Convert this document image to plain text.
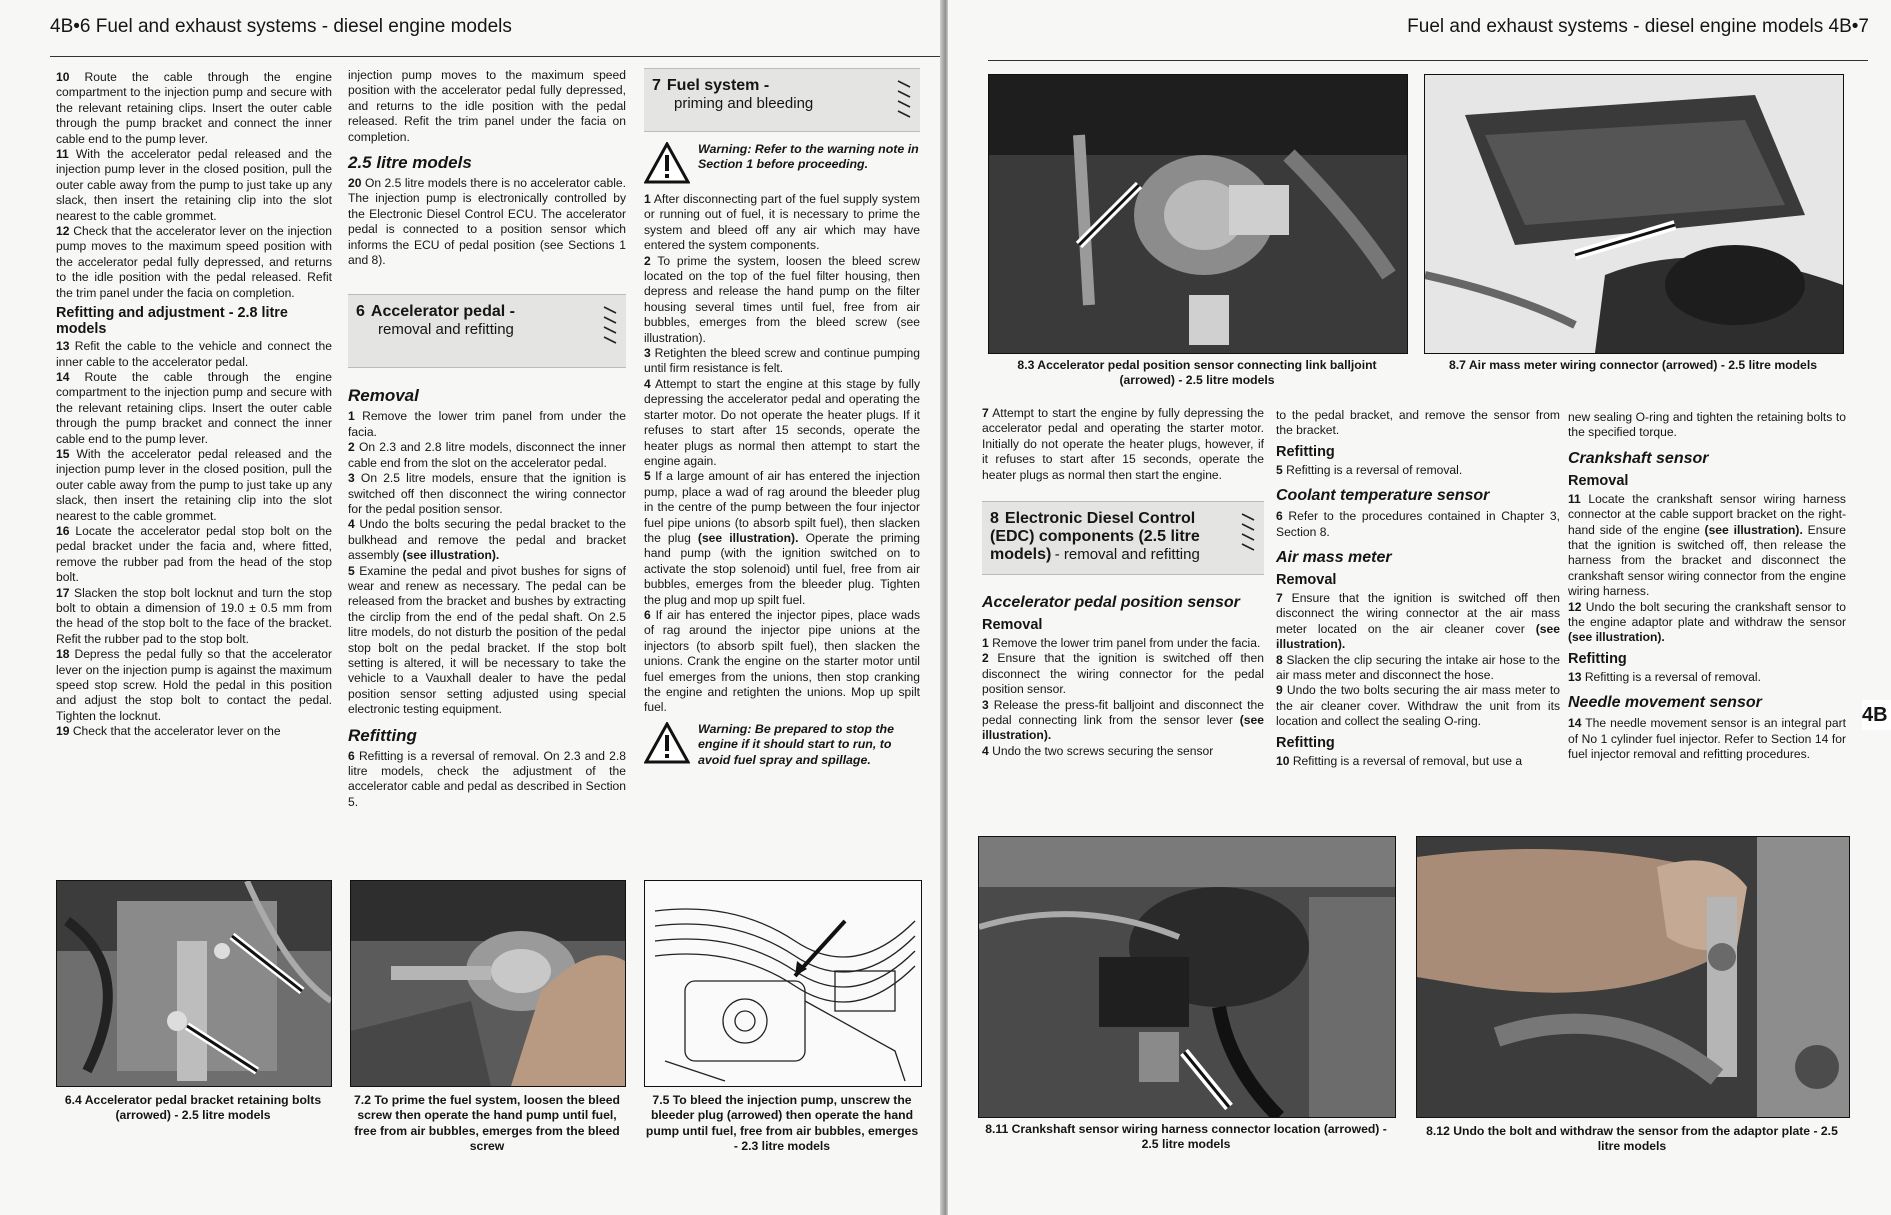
4B•6 Fuel and exhaust systems - diesel engine models

10 Route the cable through the engine compartment to the injection pump and secure with the relevant retaining clips. Insert the outer cable through the pump bracket and connect the inner cable end to the pump lever.

11 With the accelerator pedal released and the injection pump lever in the closed position, pull the outer cable away from the pump to just take up any slack, then insert the retaining clip into the slot nearest to the cable grommet.

12 Check that the accelerator lever on the injection pump moves to the maximum speed position with the accelerator pedal fully depressed, and returns to the idle position with the pedal released. Refit the trim panel under the facia on completion.

Refitting and adjustment - 2.8 litre models

13 Refit the cable to the vehicle and connect the inner cable to the accelerator pedal.

14 Route the cable through the engine compartment to the injection pump and secure with the relevant retaining clips. Insert the outer cable through the pump bracket and connect the inner cable end to the pump lever.

15 With the accelerator pedal released and the injection pump lever in the closed position, pull the outer cable away from the pump to just take up any slack, then insert the retaining clip into the slot nearest to the cable grommet.

16 Locate the accelerator pedal stop bolt on the pedal bracket under the facia and, where fitted, remove the rubber pad from the head of the stop bolt.

17 Slacken the stop bolt locknut and turn the stop bolt to obtain a dimension of 19.0 ± 0.5 mm from the head of the stop bolt to the face of the bracket. Refit the rubber pad to the stop bolt.

18 Depress the pedal fully so that the accelerator lever on the injection pump is against the maximum speed stop screw. Hold the pedal in this position and adjust the stop bolt to contact the pedal. Tighten the locknut.

19 Check that the accelerator lever on the

injection pump moves to the maximum speed position with the accelerator pedal fully depressed, and returns to the idle position with the pedal released. Refit the trim panel under the facia on completion.

2.5 litre models

20 On 2.5 litre models there is no accelerator cable. The injection pump is electronically controlled by the Electronic Diesel Control ECU. The accelerator pedal is connected to a position sensor which informs the ECU of pedal position (see Sections 1 and 8).

6 Accelerator pedal -
removal and refitting
Removal

1 Remove the lower trim panel from under the facia.

2 On 2.3 and 2.8 litre models, disconnect the inner cable end from the slot on the accelerator pedal.

3 On 2.5 litre models, ensure that the ignition is switched off then disconnect the wiring connector for the pedal position sensor.

4 Undo the bolts securing the pedal bracket to the bulkhead and remove the pedal and bracket assembly (see illustration).

5 Examine the pedal and pivot bushes for signs of wear and renew as necessary. The pedal can be released from the bracket and bushes by extracting the circlip from the end of the pedal shaft. On 2.5 litre models, do not disturb the position of the pedal stop bolt on the pedal bracket. If the stop bolt setting is altered, it will be necessary to take the vehicle to a Vauxhall dealer to have the pedal position sensor setting adjusted using special electronic testing equipment.

Refitting

6 Refitting is a reversal of removal. On 2.3 and 2.8 litre models, check the adjustment of the accelerator cable and pedal as described in Section 5.

7 Fuel system -
priming and bleeding
Warning: Refer to the warning note in Section 1 before proceeding.

1 After disconnecting part of the fuel supply system or running out of fuel, it is necessary to prime the system and bleed off any air which may have entered the system components.

2 To prime the system, loosen the bleed screw located on the top of the fuel filter housing, then depress and release the hand pump on the filter housing several times until fuel, free from air bubbles, emerges from the bleed screw (see illustration).

3 Retighten the bleed screw and continue pumping until firm resistance is felt.

4 Attempt to start the engine at this stage by fully depressing the accelerator pedal and operating the starter motor. Do not operate the heater plugs. If it refuses to start after 15 seconds, operate the heater plugs as normal then attempt to start the engine again.

5 If a large amount of air has entered the injection pump, place a wad of rag around the bleeder plug in the centre of the pump between the four injector fuel pipe unions (to absorb spilt fuel), then slacken the plug (see illustration). Operate the priming hand pump (with the ignition switched on to activate the stop solenoid) until fuel, free from air bubbles, emerges from the bleeder plug. Tighten the plug and mop up spilt fuel.

6 If air has entered the injector pipes, place wads of rag around the injector pipe unions at the injectors (to absorb spilt fuel), then slacken the unions. Crank the engine on the starter motor until fuel emerges from the unions, then stop cranking the engine and retighten the unions. Mop up spilt fuel.

Warning: Be prepared to stop the engine if it should start to run, to avoid fuel spray and spillage.
6.4 Accelerator pedal bracket retaining bolts (arrowed) - 2.5 litre models
7.2 To prime the fuel system, loosen the bleed screw then operate the hand pump until fuel, free from air bubbles, emerges from the bleed screw
7.5 To bleed the injection pump, unscrew the bleeder plug (arrowed) then operate the hand pump until fuel, free from air bubbles, emerges - 2.3 litre models
Fuel and exhaust systems - diesel engine models 4B•7
8.3 Accelerator pedal position sensor connecting link balljoint (arrowed) - 2.5 litre models
8.7 Air mass meter wiring connector (arrowed) - 2.5 litre models

7 Attempt to start the engine by fully depressing the accelerator pedal and operating the starter motor. Initially do not operate the heater plugs, however, if it refuses to start after 15 seconds, operate the heater plugs as normal then start the engine.

8 Electronic Diesel Control (EDC) components (2.5 litre models) - removal and refitting
Accelerator pedal position sensor
Removal

1 Remove the lower trim panel from under the facia.

2 Ensure that the ignition is switched off then disconnect the wiring connector for the pedal position sensor.

3 Release the press-fit balljoint and disconnect the pedal connecting link from the sensor lever (see illustration).

4 Undo the two screws securing the sensor

to the pedal bracket, and remove the sensor from the bracket.

Refitting

5 Refitting is a reversal of removal.

Coolant temperature sensor

6 Refer to the procedures contained in Chapter 3, Section 8.

Air mass meter
Removal

7 Ensure that the ignition is switched off then disconnect the wiring connector at the air mass meter located on the air cleaner cover (see illustration).

8 Slacken the clip securing the intake air hose to the air mass meter and disconnect the hose.

9 Undo the two bolts securing the air mass meter to the air cleaner cover. Withdraw the unit from its location and collect the sealing O-ring.

Refitting

10 Refitting is a reversal of removal, but use a

new sealing O-ring and tighten the retaining bolts to the specified torque.

Crankshaft sensor
Removal

11 Locate the crankshaft sensor wiring harness connector at the cable support bracket on the right-hand side of the engine (see illustration). Ensure that the ignition is switched off, then release the harness from the bracket and disconnect the crankshaft sensor wiring connector from the engine wiring harness.

12 Undo the bolt securing the crankshaft sensor to the engine adaptor plate and withdraw the sensor (see illustration).

Refitting

13 Refitting is a reversal of removal.

Needle movement sensor

14 The needle movement sensor is an integral part of No 1 cylinder fuel injector. Refer to Section 14 for fuel injector removal and refitting procedures.

4B
8.11 Crankshaft sensor wiring harness connector location (arrowed) - 2.5 litre models
8.12 Undo the bolt and withdraw the sensor from the adaptor plate - 2.5 litre models
